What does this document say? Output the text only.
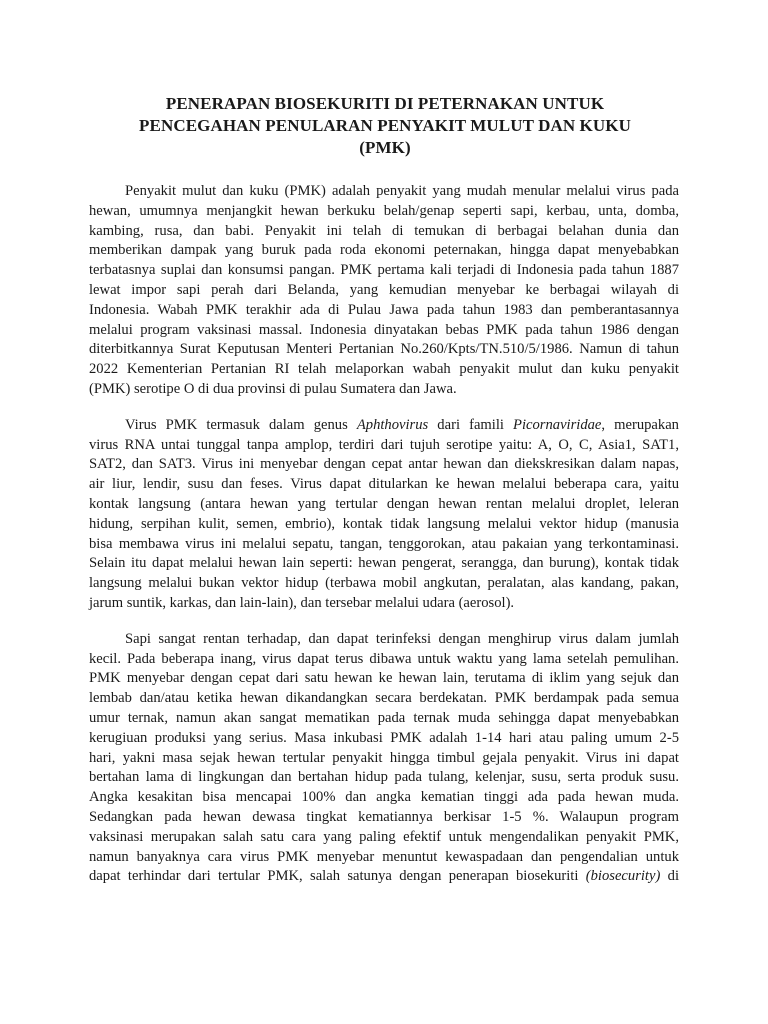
PENERAPAN BIOSEKURITI DI PETERNAKAN UNTUK
PENCEGAHAN PENULARAN PENYAKIT MULUT DAN KUKU
(PMK)

Penyakit mulut dan kuku (PMK) adalah penyakit yang mudah menular melalui virus pada
hewan, umumnya menjangkit hewan berkuku belah/genap seperti sapi, kerbau, unta, domba,
kambing, rusa, dan babi. Penyakit ini telah di temukan di berbagai belahan dunia dan
memberikan dampak yang buruk pada roda ekonomi peternakan, hingga dapat menyebabkan
terbatasnya suplai dan konsumsi pangan. PMK pertama kali terjadi di Indonesia pada tahun 1887
lewat impor sapi perah dari Belanda, yang kemudian menyebar ke berbagai wilayah di
Indonesia. Wabah PMK terakhir ada di Pulau Jawa pada tahun 1983 dan pemberantasannya
melalui program vaksinasi massal. Indonesia dinyatakan bebas PMK pada tahun 1986 dengan
diterbitkannya Surat Keputusan Menteri Pertanian No.260/Kpts/TN.510/5/1986. Namun di tahun
2022 Kementerian Pertanian RI telah melaporkan wabah penyakit mulut dan kuku penyakit
(PMK) serotipe O di dua provinsi di pulau Sumatera dan Jawa.

Virus PMK termasuk dalam genus Aphthovirus dari famili Picornaviridae, merupakan
virus RNA untai tunggal tanpa amplop, terdiri dari tujuh serotipe yaitu: A, O, C, Asia1, SAT1,
SAT2, dan SAT3. Virus ini menyebar dengan cepat antar hewan dan diekskresikan dalam napas,
air liur, lendir, susu dan feses. Virus dapat ditularkan ke hewan melalui beberapa cara, yaitu
kontak langsung (antara hewan yang tertular dengan hewan rentan melalui droplet, leleran
hidung, serpihan kulit, semen, embrio), kontak tidak langsung melalui vektor hidup (manusia
bisa membawa virus ini melalui sepatu, tangan, tenggorokan, atau pakaian yang terkontaminasi.
Selain itu dapat melalui hewan lain seperti: hewan pengerat, serangga, dan burung), kontak tidak
langsung melalui bukan vektor hidup (terbawa mobil angkutan, peralatan, alas kandang, pakan,
jarum suntik, karkas, dan lain-lain), dan tersebar melalui udara (aerosol).

Sapi sangat rentan terhadap, dan dapat terinfeksi dengan menghirup virus dalam jumlah
kecil. Pada beberapa inang, virus dapat terus dibawa untuk waktu yang lama setelah pemulihan.
PMK menyebar dengan cepat dari satu hewan ke hewan lain, terutama di iklim yang sejuk dan
lembab dan/atau ketika hewan dikandangkan secara berdekatan. PMK berdampak pada semua
umur ternak, namun akan sangat mematikan pada ternak muda sehingga dapat menyebabkan
kerugiuan produksi yang serius. Masa inkubasi PMK adalah 1-14 hari atau paling umum 2-5
hari, yakni masa sejak hewan tertular penyakit hingga timbul gejala penyakit. Virus ini dapat
bertahan lama di lingkungan dan bertahan hidup pada tulang, kelenjar, susu, serta produk susu.
Angka kesakitan bisa mencapai 100% dan angka kematian tinggi ada pada hewan muda.
Sedangkan pada hewan dewasa tingkat kematiannya berkisar 1-5 %. Walaupun program
vaksinasi merupakan salah satu cara yang paling efektif untuk mengendalikan penyakit PMK,
namun banyaknya cara virus PMK menyebar menuntut kewaspadaan dan pengendalian untuk
dapat terhindar dari tertular PMK, salah satunya dengan penerapan biosekuriti (biosecurity) di
